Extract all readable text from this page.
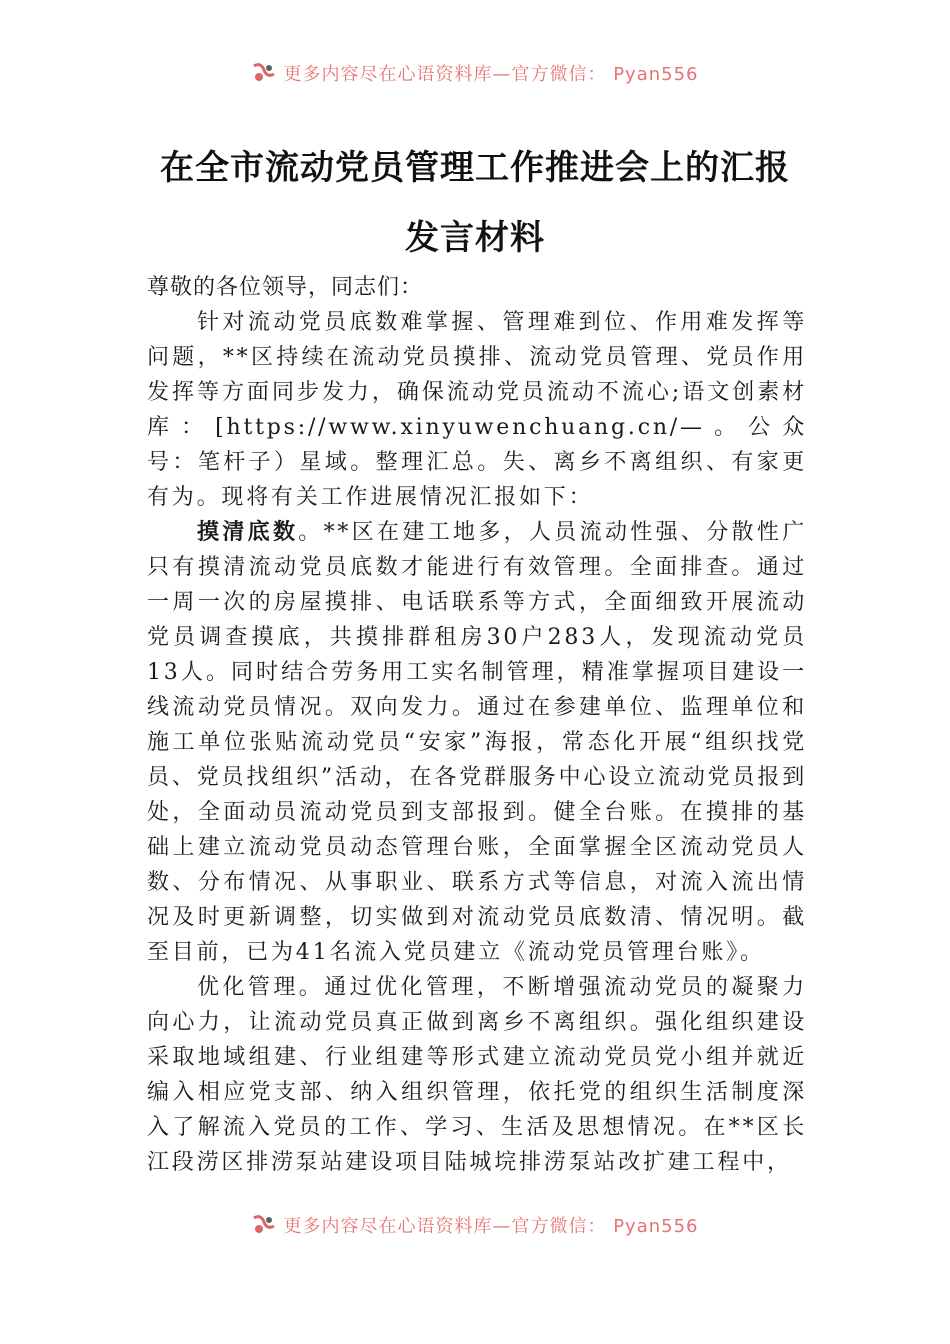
更多内容尽在心语资料库—官方微信： Pyan556
在全市流动党员管理工作推进会上的汇报
发言材料

尊敬的各位领导，同志们：

针对流动党员底数难掌握、管理难到位、作用难发挥等问题，**区持续在流动党员摸排、流动党员管理、党员作用发挥等方面同步发力，确保流动党员流动不流心;语文创素材库：[https://www.xinyuwenchuang.cn/—。公众号：笔杆子）星域。整理汇总。失、离乡不离组织、有家更有为。现将有关工作进展情况汇报如下：

摸清底数。**区在建工地多，人员流动性强、分散性广只有摸清流动党员底数才能进行有效管理。全面排查。通过一周一次的房屋摸排、电话联系等方式，全面细致开展流动党员调查摸底，共摸排群租房30户283人，发现流动党员13人。同时结合劳务用工实名制管理，精准掌握项目建设一线流动党员情况。双向发力。通过在参建单位、监理单位和施工单位张贴流动党员“安家”海报，常态化开展“组织找党员、党员找组织”活动，在各党群服务中心设立流动党员报到处，全面动员流动党员到支部报到。健全台账。在摸排的基础上建立流动党员动态管理台账，全面掌握全区流动党员人数、分布情况、从事职业、联系方式等信息，对流入流出情况及时更新调整，切实做到对流动党员底数清、情况明。截至目前，已为41名流入党员建立《流动党员管理台账》。

优化管理。通过优化管理，不断增强流动党员的凝聚力向心力，让流动党员真正做到离乡不离组织。强化组织建设采取地域组建、行业组建等形式建立流动党员党小组并就近编入相应党支部、纳入组织管理，依托党的组织生活制度深入了解流入党员的工作、学习、生活及思想情况。在**区长江段涝区排涝泵站建设项目陆城垸排涝泵站改扩建工程中，

更多内容尽在心语资料库—官方微信： Pyan556
